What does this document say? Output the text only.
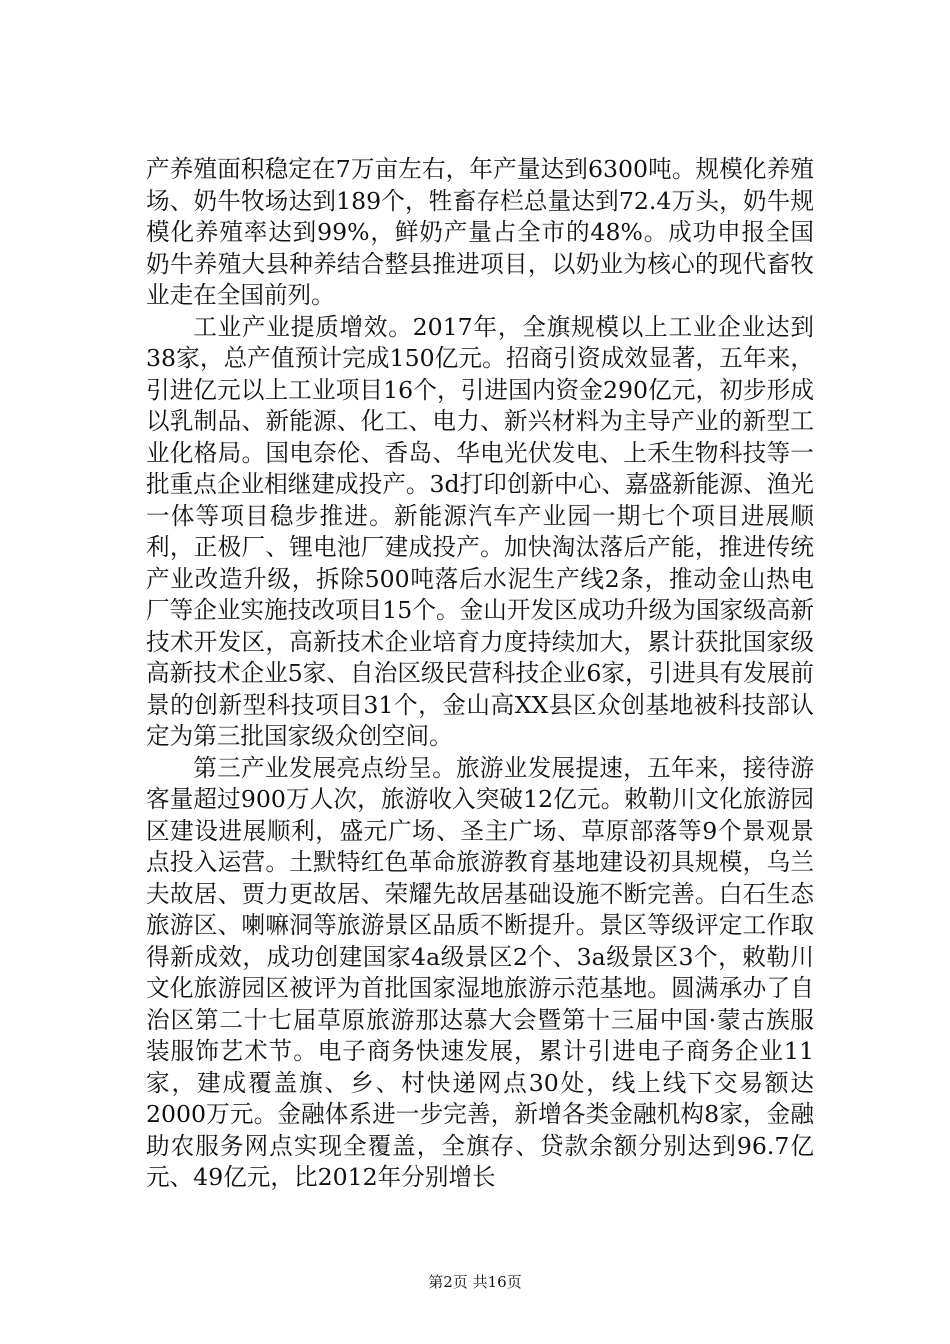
产养殖面积稳定在7万亩左右，年产量达到6300吨。规模化养殖场、奶牛牧场达到189个，牲畜存栏总量达到72.4万头，奶牛规模化养殖率达到99%，鲜奶产量占全市的48%。成功申报全国奶牛养殖大县种养结合整县推进项目，以奶业为核心的现代畜牧业走在全国前列。

工业产业提质增效。2017年，全旗规模以上工业企业达到38家，总产值预计完成150亿元。招商引资成效显著，五年来，引进亿元以上工业项目16个，引进国内资金290亿元，初步形成以乳制品、新能源、化工、电力、新兴材料为主导产业的新型工业化格局。国电奈伦、香岛、华电光伏发电、上禾生物科技等一批重点企业相继建成投产。3d打印创新中心、嘉盛新能源、渔光一体等项目稳步推进。新能源汽车产业园一期七个项目进展顺利，正极厂、锂电池厂建成投产。加快淘汰落后产能，推进传统产业改造升级，拆除500吨落后水泥生产线2条，推动金山热电厂等企业实施技改项目15个。金山开发区成功升级为国家级高新技术开发区，高新技术企业培育力度持续加大，累计获批国家级高新技术企业5家、自治区级民营科技企业6家，引进具有发展前景的创新型科技项目31个，金山高XX县区众创基地被科技部认定为第三批国家级众创空间。

第三产业发展亮点纷呈。旅游业发展提速，五年来，接待游客量超过900万人次，旅游收入突破12亿元。敕勒川文化旅游园区建设进展顺利，盛元广场、圣主广场、草原部落等9个景观景点投入运营。土默特红色革命旅游教育基地建设初具规模，乌兰夫故居、贾力更故居、荣耀先故居基础设施不断完善。白石生态旅游区、喇嘛洞等旅游景区品质不断提升。景区等级评定工作取得新成效，成功创建国家4a级景区2个、3a级景区3个，敕勒川文化旅游园区被评为首批国家湿地旅游示范基地。圆满承办了自治区第二十七届草原旅游那达慕大会暨第十三届中国·蒙古族服装服饰艺术节。电子商务快速发展，累计引进电子商务企业11家，建成覆盖旗、乡、村快递网点30处，线上线下交易额达2000万元。金融体系进一步完善，新增各类金融机构8家，金融助农服务网点实现全覆盖，全旗存、贷款余额分别达到96.7亿元、49亿元，比2012年分别增长

第2页 共16页
